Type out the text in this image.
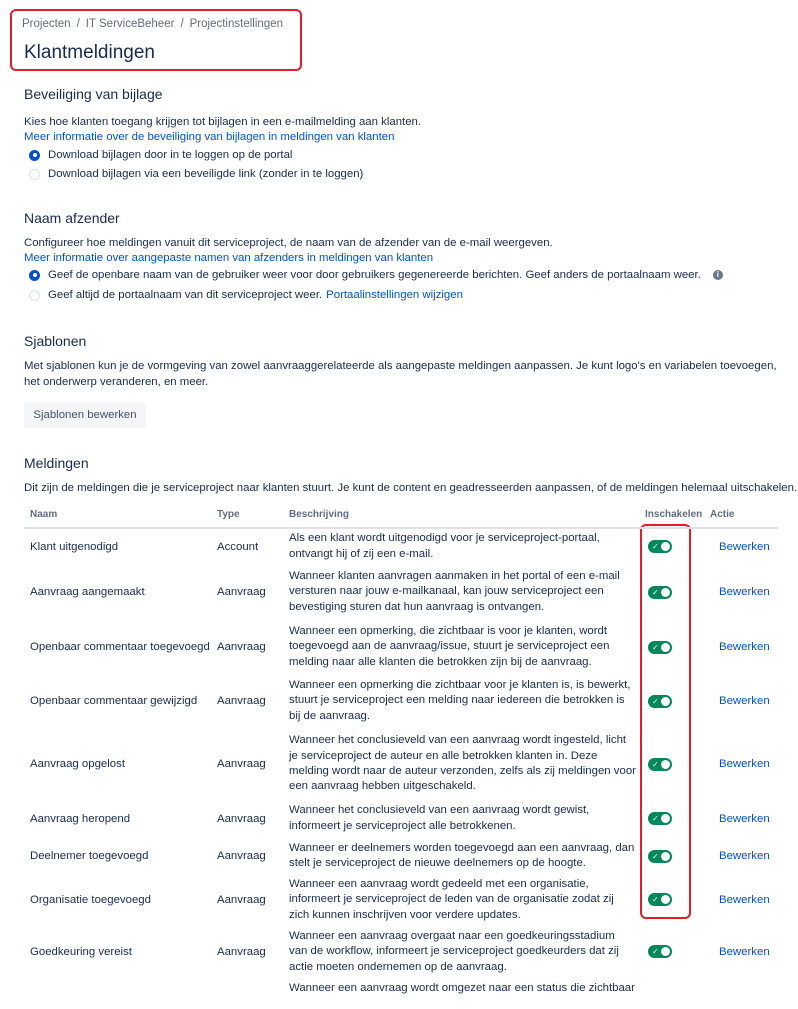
Projecten / IT ServiceBeheer / Projectinstellingen
Klantmeldingen
Beveiliging van bijlage

Kies hoe klanten toegang krijgen tot bijlagen in een e-mailmelding aan klanten.

Meer informatie over de beveiliging van bijlagen in meldingen van klanten
Download bijlagen door in te loggen op de portal
Download bijlagen via een beveiligde link (zonder in te loggen)
Naam afzender

Configureer hoe meldingen vanuit dit serviceproject, de naam van de afzender van de e-mail weergeven.

Meer informatie over aangepaste namen van afzenders in meldingen van klanten
Geef de openbare naam van de gebruiker weer voor door gebruikers gegenereerde berichten. Geef anders de portaalnaam weer.	i
Geef altijd de portaalnaam van dit serviceproject weer. Portaalinstellingen wijzigen
Sjablonen

Met sjablonen kun je de vormgeving van zowel aanvraaggerelateerde als aangepaste meldingen aanpassen. Je kunt logo's en variabelen toevoegen, het onderwerp veranderen, en meer.

Sjablonen bewerken
Meldingen

Dit zijn de meldingen die je serviceproject naar klanten stuurt. Je kunt de content en geadresseerden aanpassen, of de meldingen helemaal uitschakelen.

Naam	Type	Beschrijving	Inschakelen	Actie
Klant uitgenodigd	Account	Als een klant wordt uitgenodigd voor je serviceproject-portaal, ontvangt hij of zij een e-mail.	✓	Bewerken
Aanvraag aangemaakt	Aanvraag	Wanneer klanten aanvragen aanmaken in het portal of een e-mail versturen naar jouw e-mailkanaal, kan jouw serviceproject een bevestiging sturen dat hun aanvraag is ontvangen.	✓	Bewerken
Openbaar commentaar toegevoegd	Aanvraag	Wanneer een opmerking, die zichtbaar is voor je klanten, wordt toegevoegd aan de aanvraag/issue, stuurt je serviceproject een melding naar alle klanten die betrokken zijn bij de aanvraag.	✓	Bewerken
Openbaar commentaar gewijzigd	Aanvraag	Wanneer een opmerking die zichtbaar voor je klanten is, is bewerkt, stuurt je serviceproject een melding naar iedereen die betrokken is bij de aanvraag.	✓	Bewerken
Aanvraag opgelost	Aanvraag	Wanneer het conclusieveld van een aanvraag wordt ingesteld, licht je serviceproject de auteur en alle betrokken klanten in. Deze melding wordt naar de auteur verzonden, zelfs als zij meldingen voor een aanvraag hebben uitgeschakeld.	✓	Bewerken
Aanvraag heropend	Aanvraag	Wanneer het conclusieveld van een aanvraag wordt gewist, informeert je serviceproject alle betrokkenen.	✓	Bewerken
Deelnemer toegevoegd	Aanvraag	Wanneer er deelnemers worden toegevoegd aan een aanvraag, dan stelt je serviceproject de nieuwe deelnemers op de hoogte.	✓	Bewerken
Organisatie toegevoegd	Aanvraag	Wanneer een aanvraag wordt gedeeld met een organisatie, informeert je serviceproject de leden van de organisatie zodat zij zich kunnen inschrijven voor verdere updates.	✓	Bewerken
Goedkeuring vereist	Aanvraag	Wanneer een aanvraag overgaat naar een goedkeuringsstadium van de workflow, informeert je serviceproject goedkeurders dat zij actie moeten ondernemen op de aanvraag.	✓	Bewerken
		Wanneer een aanvraag wordt omgezet naar een status die zichtbaar		
